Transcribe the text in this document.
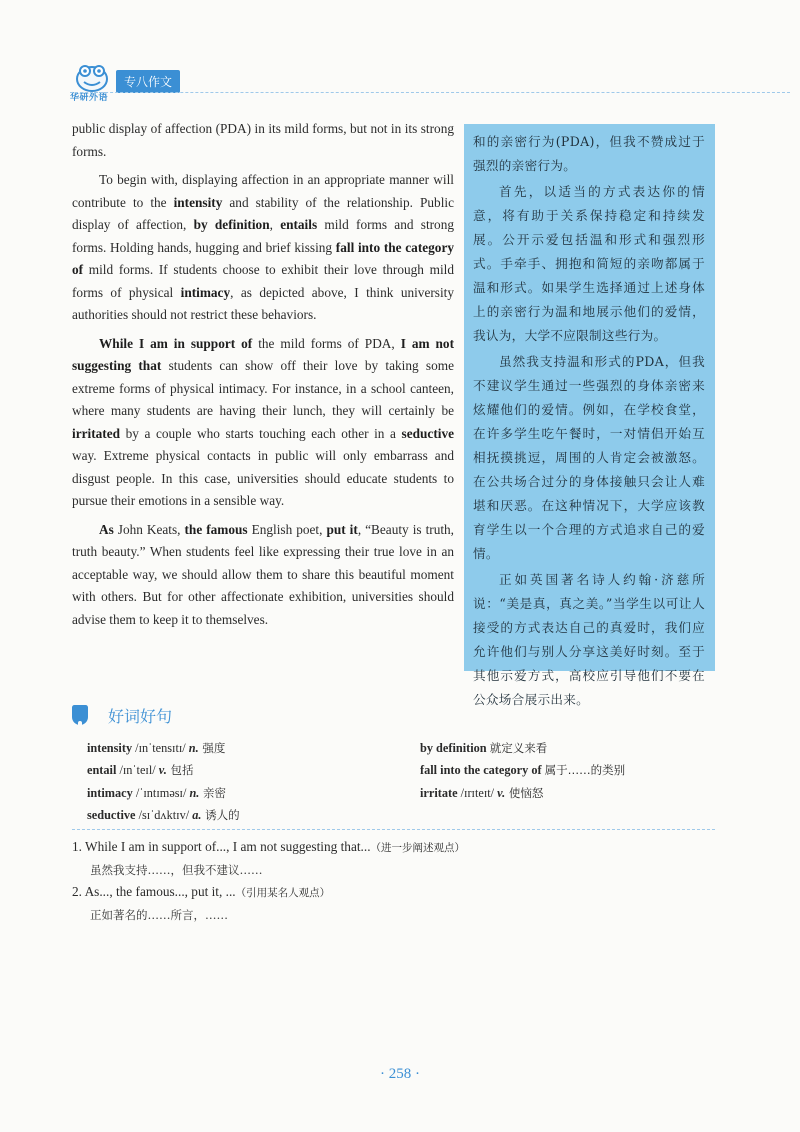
华研外语
专八作文

public display of affection (PDA) in its mild forms, but not in its strong forms.

To begin with, displaying affection in an appropriate manner will contribute to the intensity and stability of the relationship. Public display of affection, by definition, entails mild forms and strong forms. Holding hands, hugging and brief kissing fall into the category of mild forms. If students choose to exhibit their love through mild forms of physical intimacy, as depicted above, I think university authorities should not restrict these behaviors.

While I am in support of the mild forms of PDA, I am not suggesting that students can show off their love by taking some extreme forms of physical intimacy. For instance, in a school canteen, where many students are having their lunch, they will certainly be irritated by a couple who starts touching each other in a seductive way. Extreme physical contacts in public will only embarrass and disgust people. In this case, universities should educate students to pursue their emotions in a sensible way.

As John Keats, the famous English poet, put it, “Beauty is truth, truth beauty.” When students feel like expressing their true love in an acceptable way, we should allow them to share this beautiful moment with others. But for other affectionate exhibition, universities should advise them to keep it to themselves.

和的亲密行为(PDA)，但我不赞成过于强烈的亲密行为。

首先，以适当的方式表达你的情意，将有助于关系保持稳定和持续发展。公开示爱包括温和形式和强烈形式。手牵手、拥抱和简短的亲吻都属于温和形式。如果学生选择通过上述身体上的亲密行为温和地展示他们的爱情，我认为，大学不应限制这些行为。

虽然我支持温和形式的PDA，但我不建议学生通过一些强烈的身体亲密来炫耀他们的爱情。例如，在学校食堂，在许多学生吃午餐时，一对情侣开始互相抚摸挑逗，周围的人肯定会被激怒。在公共场合过分的身体接触只会让人难堪和厌恶。在这种情况下，大学应该教育学生以一个合理的方式追求自己的爱情。

正如英国著名诗人约翰·济慈所说：“美是真，真之美。”当学生以可让人接受的方式表达自己的真爱时，我们应允许他们与别人分享这美好时刻。至于其他示爱方式，高校应引导他们不要在公众场合展示出来。

好词好句
intensity /ɪnˈtensɪtɪ/ n. 强度
entail /ɪnˈteɪl/ v. 包括
intimacy /ˈɪntɪməsɪ/ n. 亲密
seductive /sɪˈdʌktɪv/ a. 诱人的
by definition 就定义来看
fall into the category of 属于……的类别
irritate /ɪrɪteɪt/ v. 使恼怒
1. While I am in support of..., I am not suggesting that...（进一步阐述观点）
虽然我支持……，但我不建议……
2. As..., the famous..., put it, ...（引用某名人观点）
正如著名的……所言，……
· 258 ·
